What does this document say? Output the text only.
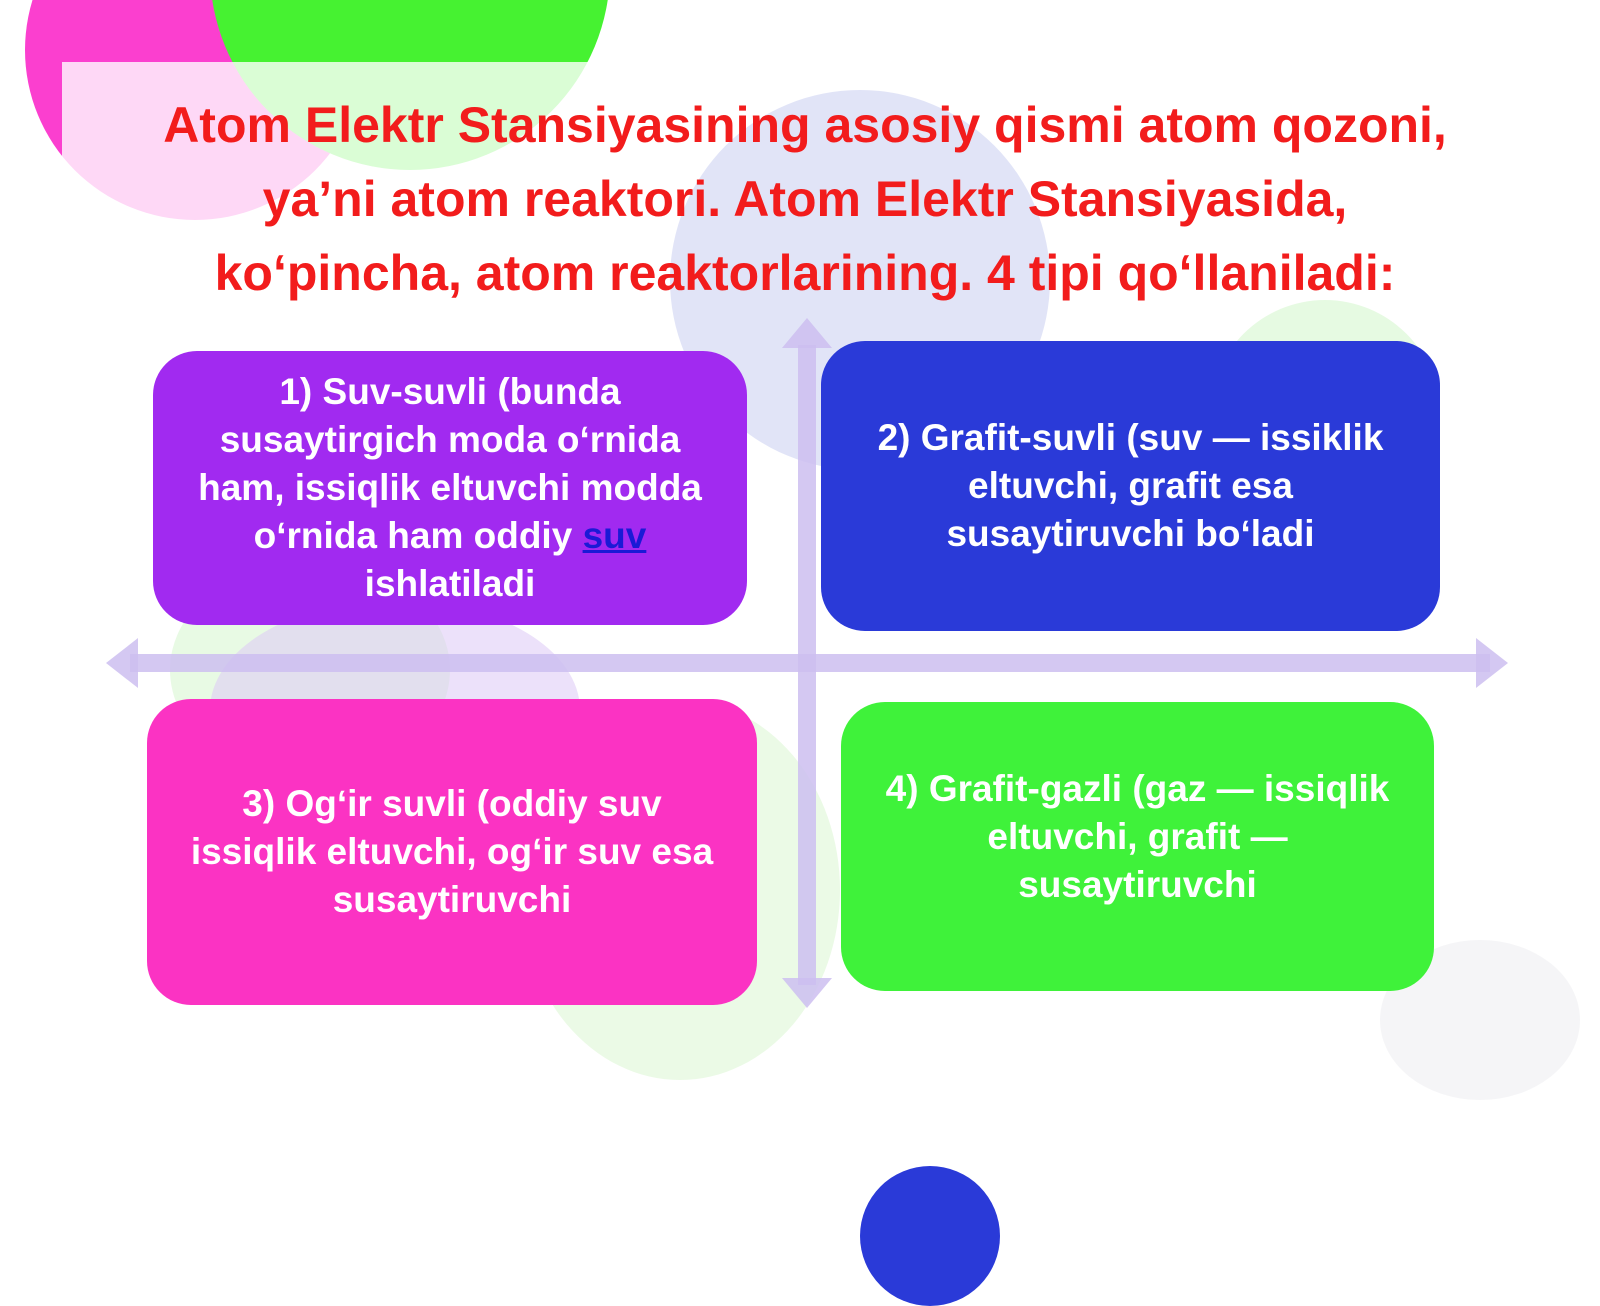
Atom Elektr Stansiyasining asosiy qismi atom qozoni,
ya’ni atom reaktori. Atom Elektr Stansiyasida,
ko‘pincha, atom reaktorlarining. 4 tipi qo‘llaniladi:
1) Suv-suvli (bunda
susaytirgich moda o‘rnida
ham, issiqlik eltuvchi modda
o‘rnida ham oddiy suv
ishlatiladi
2) Grafit-suvli (suv — issiklik
eltuvchi, grafit esa
susaytiruvchi bo‘ladi
3) Og‘ir suvli (oddiy suv
issiqlik eltuvchi, og‘ir suv esa
susaytiruvchi
4) Grafit-gazli (gaz — issiqlik
eltuvchi, grafit —
susaytiruvchi
